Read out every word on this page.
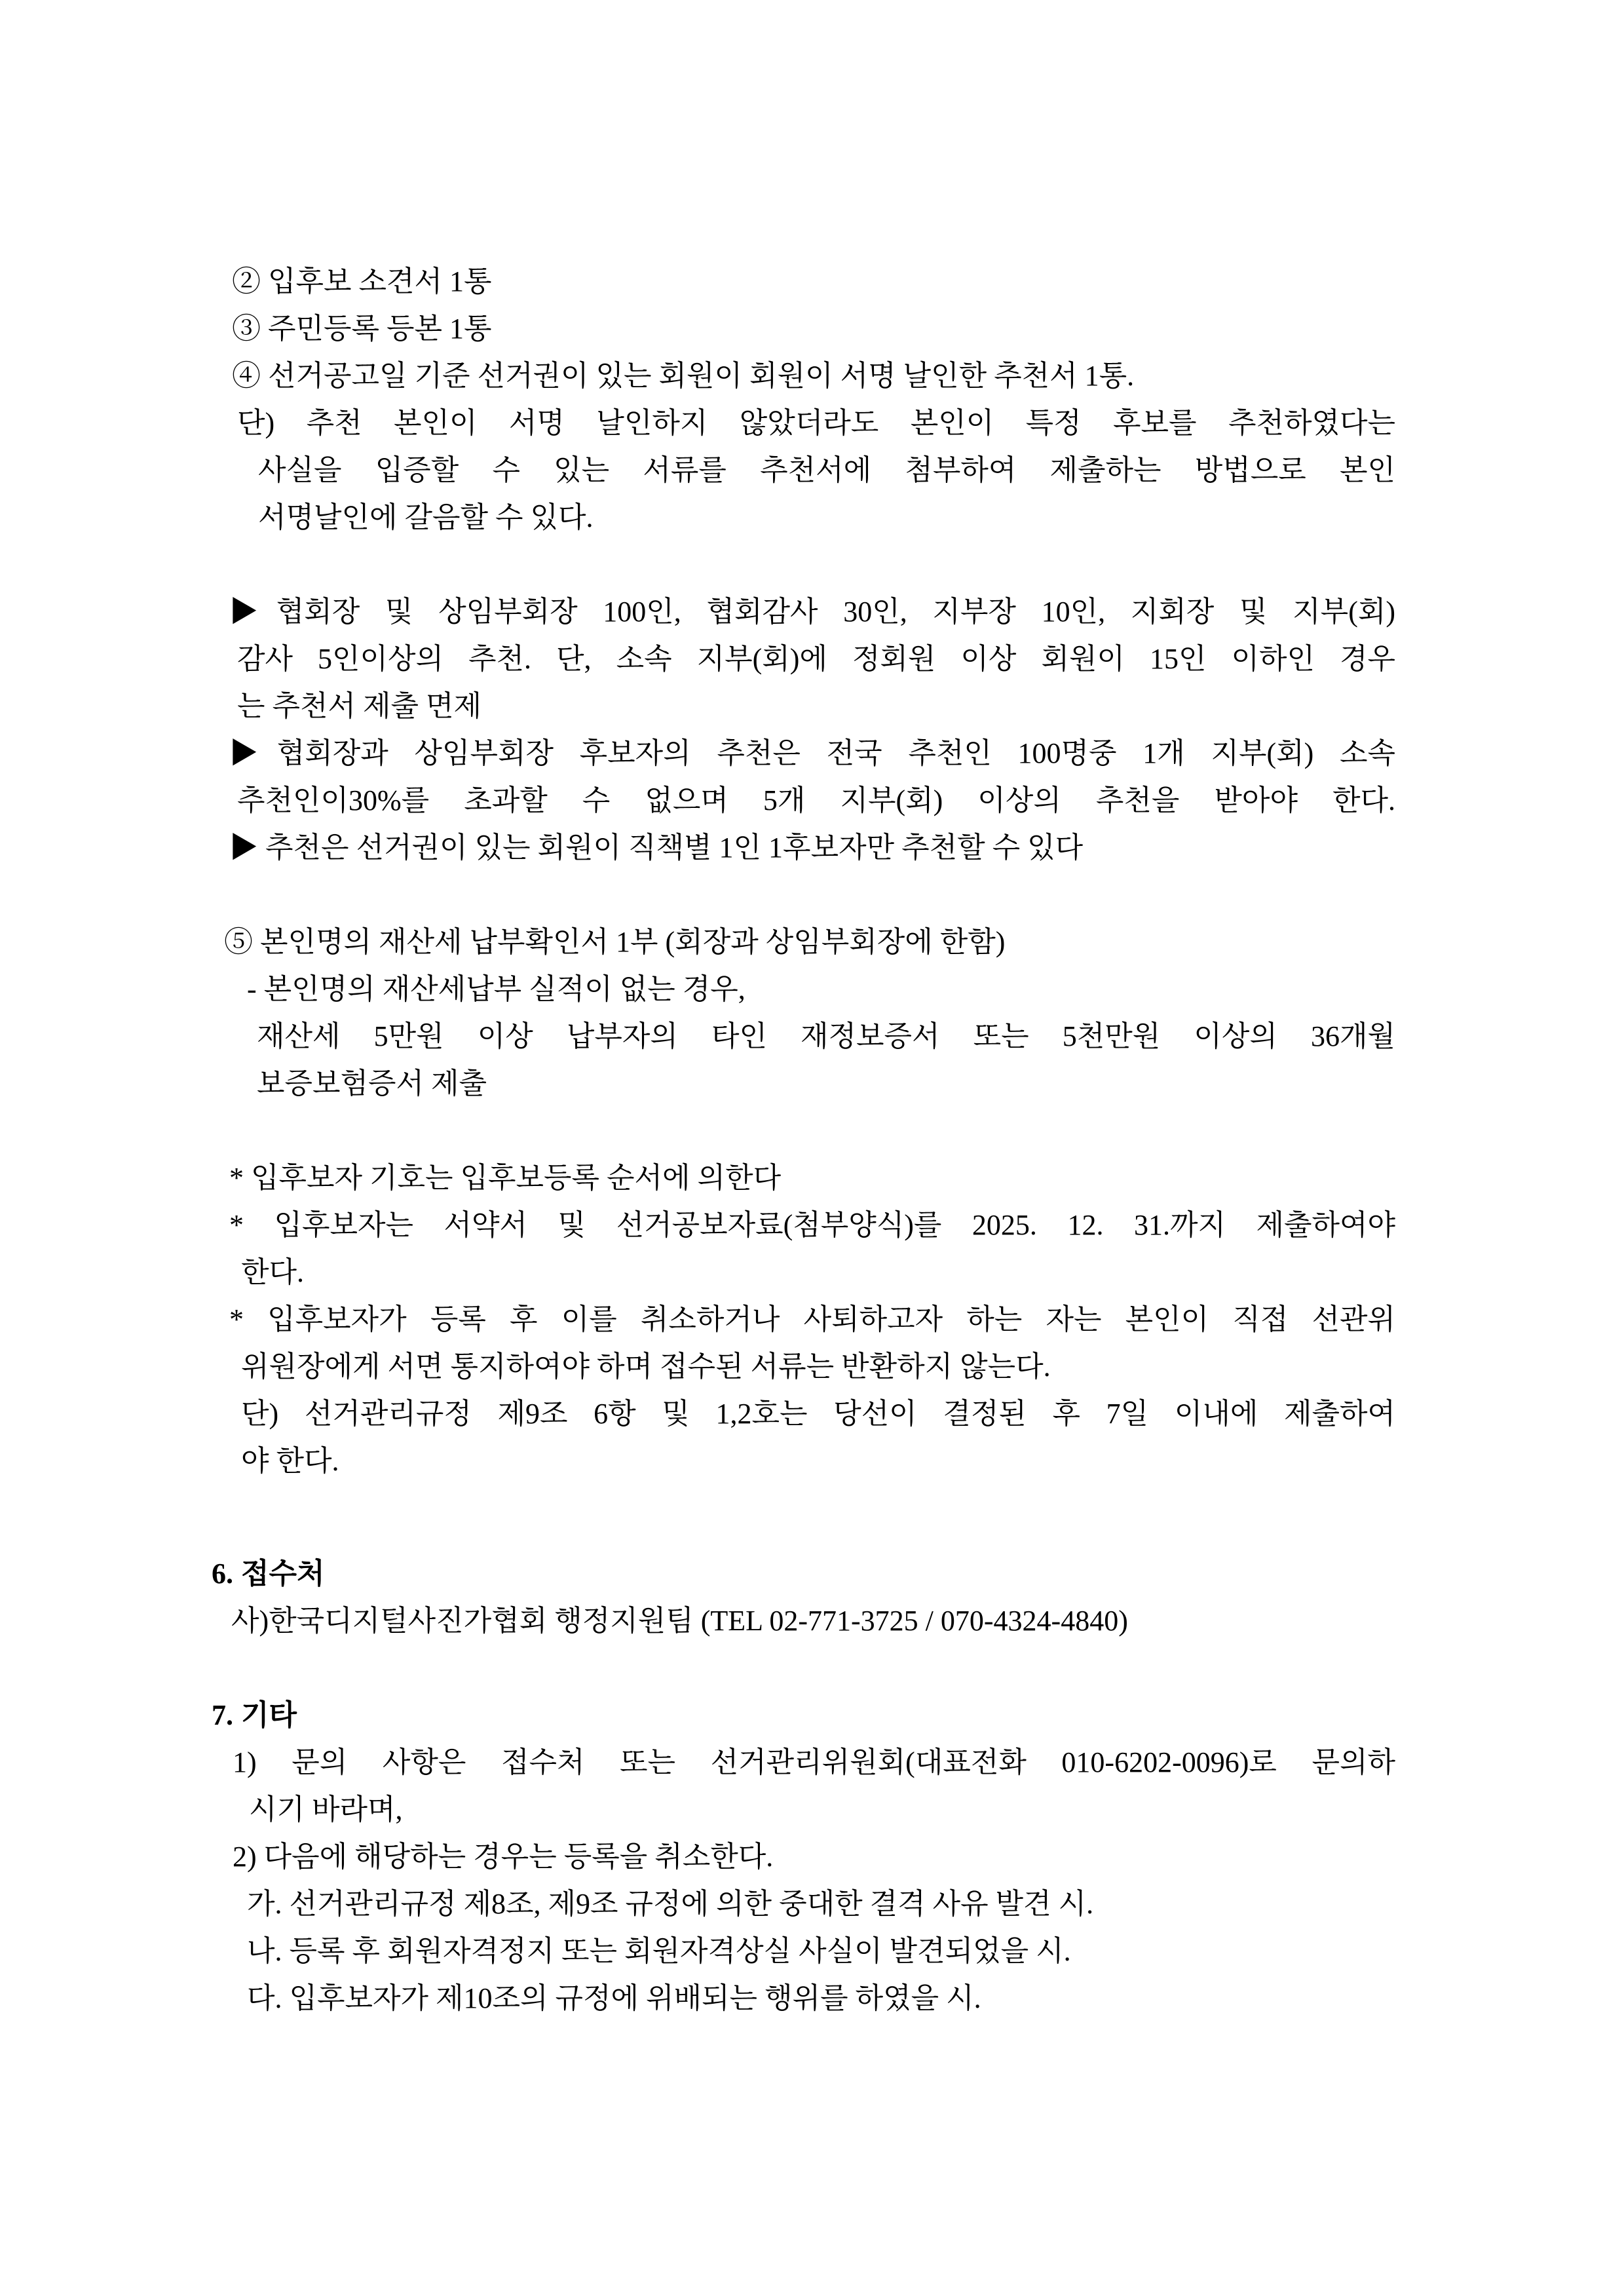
② 입후보 소견서 1통

③ 주민등록 등본 1통

④ 선거공고일 기준 선거권이 있는 회원이 회원이 서명 날인한 추천서 1통.

단) 추천 본인이 서명 날인하지 않았더라도 본인이 특정 후보를 추천하였다는

사실을 입증할 수 있는 서류를 추천서에 첨부하여 제출하는 방법으로 본인

서명날인에 갈음할 수 있다.

▶협회장 및 상임부회장 100인, 협회감사 30인, 지부장 10인, 지회장 및 지부(회)

감사 5인이상의 추천. 단, 소속 지부(회)에 정회원 이상 회원이 15인 이하인 경우

는 추천서 제출 면제

▶협회장과 상임부회장 후보자의 추천은 전국 추천인 100명중 1개 지부(회) 소속

추천인이30%를 초과할 수 없으며 5개 지부(회) 이상의 추천을 받아야 한다.

▶ 추천은 선거권이 있는 회원이 직책별 1인 1후보자만 추천할 수 있다

⑤ 본인명의 재산세 납부확인서 1부 (회장과 상임부회장에 한함)

- 본인명의 재산세납부 실적이 없는 경우,

재산세 5만원 이상 납부자의 타인 재정보증서 또는 5천만원 이상의 36개월

보증보험증서 제출

* 입후보자 기호는 입후보등록 순서에 의한다

* 입후보자는 서약서 및 선거공보자료(첨부양식)를 2025. 12. 31.까지 제출하여야

한다.

* 입후보자가 등록 후 이를 취소하거나 사퇴하고자 하는 자는 본인이 직접 선관위

위원장에게 서면 통지하여야 하며 접수된 서류는 반환하지 않는다.

단) 선거관리규정 제9조 6항 및 1,2호는 당선이 결정된 후 7일 이내에 제출하여

야 한다.

6. 접수처

사)한국디지털사진가협회 행정지원팀 (TEL 02-771-3725 / 070-4324-4840)

7. 기타

1) 문의 사항은 접수처 또는 선거관리위원회(대표전화 010-6202-0096)로 문의하

시기 바라며,

2) 다음에 해당하는 경우는 등록을 취소한다.

가. 선거관리규정 제8조, 제9조 규정에 의한 중대한 결격 사유 발견 시.

나. 등록 후 회원자격정지 또는 회원자격상실 사실이 발견되었을 시.

다. 입후보자가 제10조의 규정에 위배되는 행위를 하였을 시.
